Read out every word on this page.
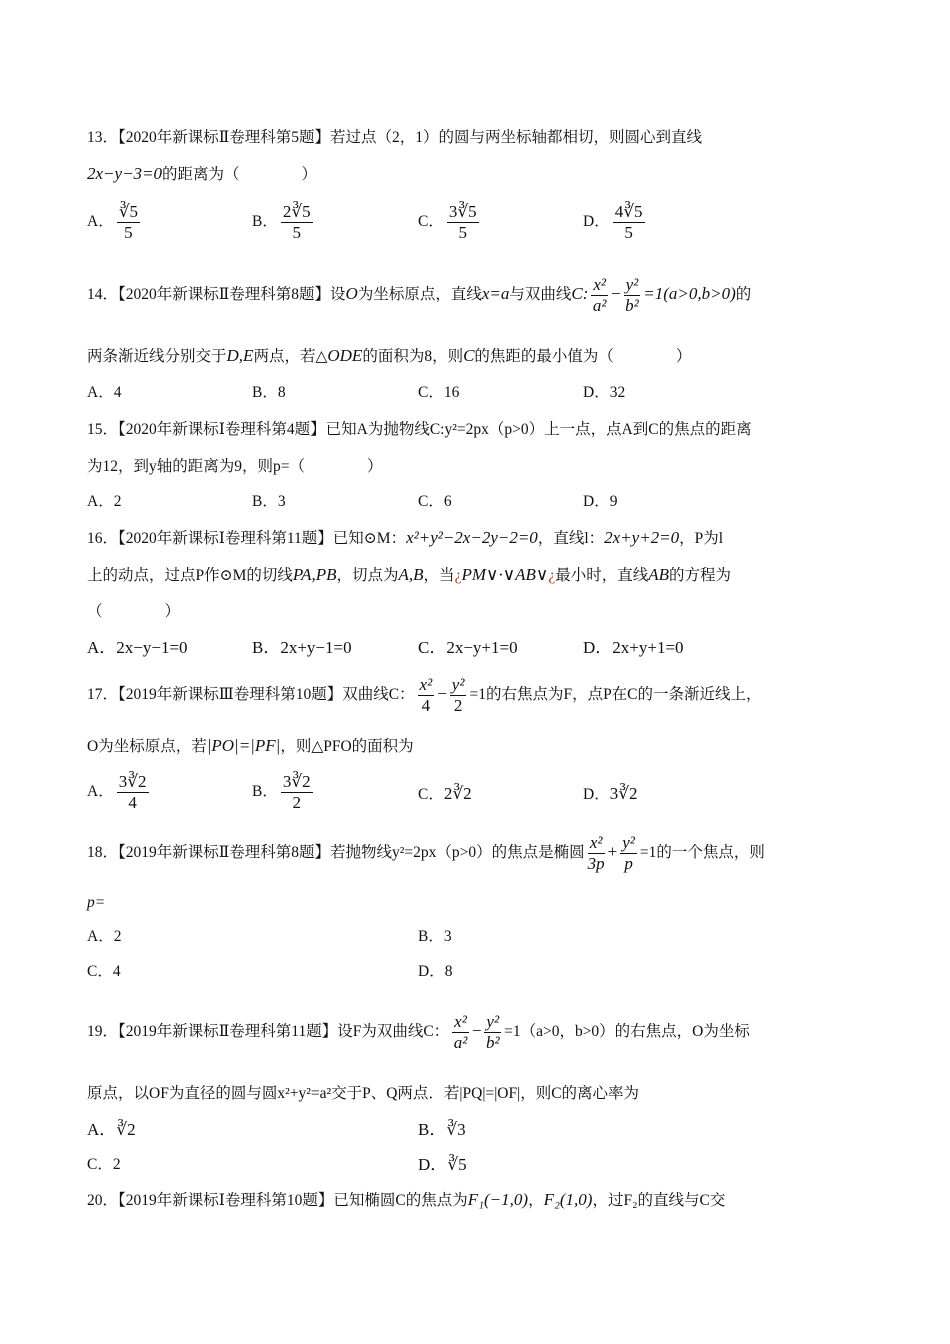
13．【2020年新课标Ⅱ卷理科第5题】若过点（2，1）的圆与两坐标轴都相切，则圆心到直线
2x−y−3=0的距离为（　　　　）
A． $\frac{∛5}{5}$	B． $\frac{2∛5}{5}$	C． $\frac{3∛5}{5}$	D． $\frac{4∛5}{5}$
14．【2020年新课标Ⅱ卷理科第8题】设O为坐标原点，直线x=a与双曲线C: $\frac{\text{x²}}{\text{a²}} - \frac{\text{y²}}{\text{b²}} =1(a>0,b>0)$的
两条渐近线分别交于D,E两点，若△ODE的面积为8，则C的焦距的最小值为（　　　　）
A．4	B．8	C．16	D．32
15．【2020年新课标Ⅰ卷理科第4题】已知A为抛物线C:y²=2px（p>0）上一点，点A到C的焦点的距离
为12，到y轴的距离为9，则p=（　　　　）
A．2	B．3	C．6	D．9
16．【2020年新课标Ⅰ卷理科第11题】已知⊙M：x²+y²−2x−2y−2=0，直线l：2x+y+2=0，P为l
上的动点，过点P作⊙M的切线PA,PB，切点为A,B，当¿PM∨·∨AB∨¿最小时，直线AB的方程为
（　　　　）
A．2x−y−1=0	B．2x+y−1=0	C．2x−y+1=0	D．2x+y+1=0
17．【2019年新课标Ⅲ卷理科第10题】双曲线C： $\frac{\text{x²}}{4} - \frac{\text{y²}}{2} =1$的右焦点为F，点P在C的一条渐近线上，
O为坐标原点，若|PO|=|PF|，则△PFO的面积为
A． $\frac{3∛2}{4}$	B． $\frac{3∛2}{2}$	C．2∛2	D．3∛2
18．【2019年新课标Ⅱ卷理科第8题】若抛物线y²=2px（p>0）的焦点是椭圆 $\frac{\text{x²}}{3p} + \frac{\text{y²}}{p} =1$的一个焦点，则
p=
A．2	B．3
C．4	D．8
19．【2019年新课标Ⅱ卷理科第11题】设F为双曲线C： $\frac{\text{x²}}{\text{a²}} - \frac{\text{y²}}{\text{b²}} =1(a>0$，b>0）的右焦点，O为坐标
原点，以OF为直径的圆与圆x²+y²=a²交于P、Q两点．若|PQ|=|OF|，则C的离心率为
A．∛2	B．∛3
C．2	D．∛5
20．【2019年新课标Ⅰ卷理科第10题】已知椭圆C的焦点为F₁(−1,0)，F₂(1,0)，过F₂的直线与C交
